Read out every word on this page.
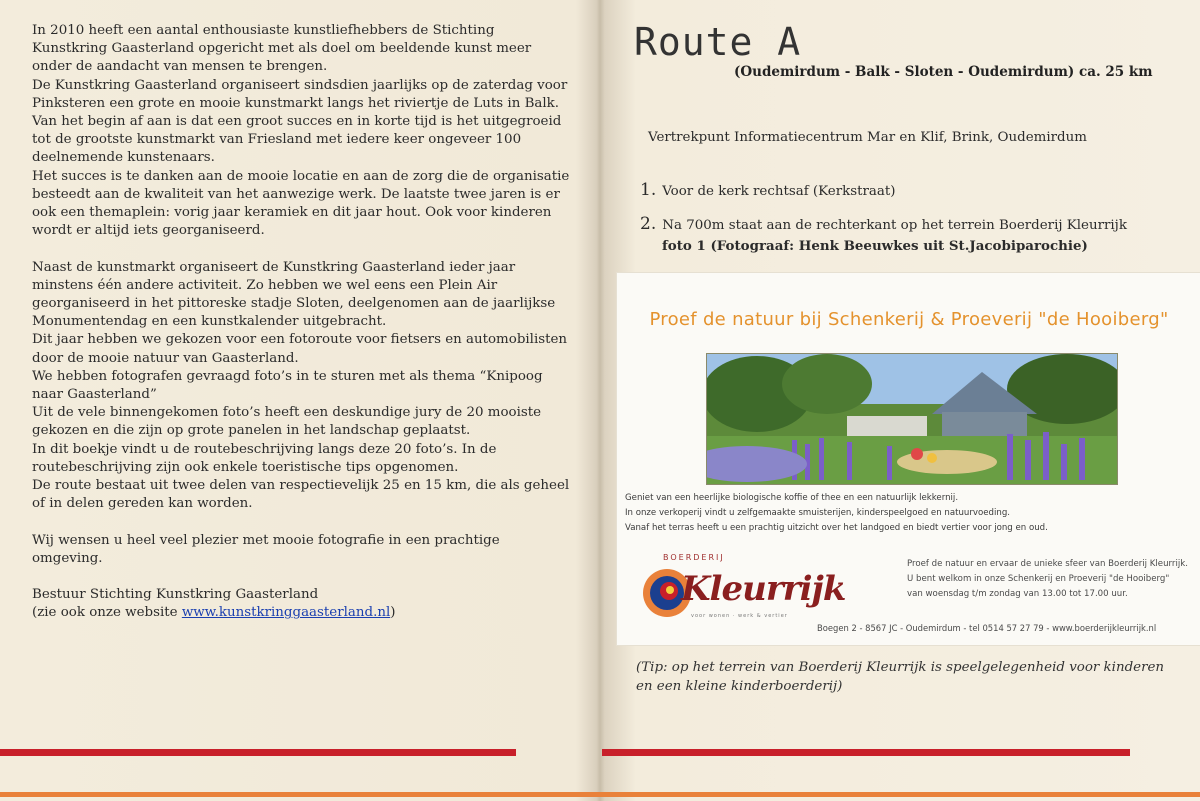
In 2010 heeft een aantal enthousiaste kunstliefhebbers de Stichting

Kunstkring Gaasterland opgericht met als doel om beeldende kunst meer

onder de aandacht van mensen te brengen.

De Kunstkring Gaasterland organiseert sindsdien jaarlijks op de zaterdag voor

Pinksteren een grote en mooie kunstmarkt langs het riviertje de Luts in Balk.

Van het begin af aan is dat een groot succes en in korte tijd is het uitgegroeid

tot de grootste kunstmarkt van Friesland met iedere keer ongeveer 100

deelnemende kunstenaars.

Het succes is te danken aan de mooie locatie en aan de zorg die de organisatie

besteedt aan de kwaliteit van het aanwezige werk. De laatste twee jaren is er

ook een themaplein: vorig jaar keramiek en dit jaar hout. Ook voor kinderen

wordt er altijd iets georganiseerd.

Naast de kunstmarkt organiseert de Kunstkring Gaasterland ieder jaar

minstens één andere activiteit. Zo hebben we wel eens een Plein Air

georganiseerd in het pittoreske stadje Sloten, deelgenomen aan de jaarlijkse

Monumentendag en een kunstkalender uitgebracht.

Dit jaar hebben we gekozen voor een fotoroute voor fietsers en automobilisten

door de mooie natuur van Gaasterland.

We hebben fotografen gevraagd foto’s in te sturen met als thema “Knipoog

naar Gaasterland”

Uit de vele binnengekomen foto’s heeft een deskundige jury de 20 mooiste

gekozen en die zijn op grote panelen in het landschap geplaatst.

In dit boekje vindt u de routebeschrijving langs deze 20 foto’s. In de

routebeschrijving zijn ook enkele toeristische tips opgenomen.

De route bestaat uit twee delen van respectievelijk 25 en 15 km, die als geheel

of in delen gereden kan worden.

Wij wensen u heel veel plezier met mooie fotografie in een prachtige omgeving.

Bestuur Stichting Kunstkring Gaasterland

(zie ook onze website www.kunstkringgaasterland.nl)

Route A
(Oudemirdum - Balk - Sloten - Oudemirdum) ca. 25 km
Vertrekpunt Informatiecentrum Mar en Klif, Brink, Oudemirdum
1. Voor de kerk rechtsaf (Kerkstraat)
2. Na 700m staat aan de rechterkant op het terrein Boerderij Kleurrijk
foto 1 (Fotograaf: Henk Beeuwkes uit St.Jacobiparochie)
Proef de natuur bij Schenkerij & Proeverij "de Hooiberg"
Geniet van een heerlijke biologische koffie of thee en een natuurlijk lekkernij.
In onze verkoperij vindt u zelfgemaakte smuisterijen, kinderspeelgoed en natuurvoeding.
Vanaf het terras heeft u een prachtig uitzicht over het landgoed en biedt vertier voor jong en oud.
BOERDERIJ
Kleurrijk
voor wonen · werk & vertier
Proef de natuur en ervaar de unieke sfeer van Boerderij Kleurrijk.
U bent welkom in onze Schenkerij en Proeverij "de Hooiberg"
van woensdag t/m zondag van 13.00 tot 17.00 uur.
Boegen 2 - 8567 JC - Oudemirdum - tel 0514 57 27 79 - www.boerderijkleurrijk.nl
(Tip: op het terrein van Boerderij Kleurrijk is speelgelegenheid voor kinderen
en een kleine kinderboerderij)
